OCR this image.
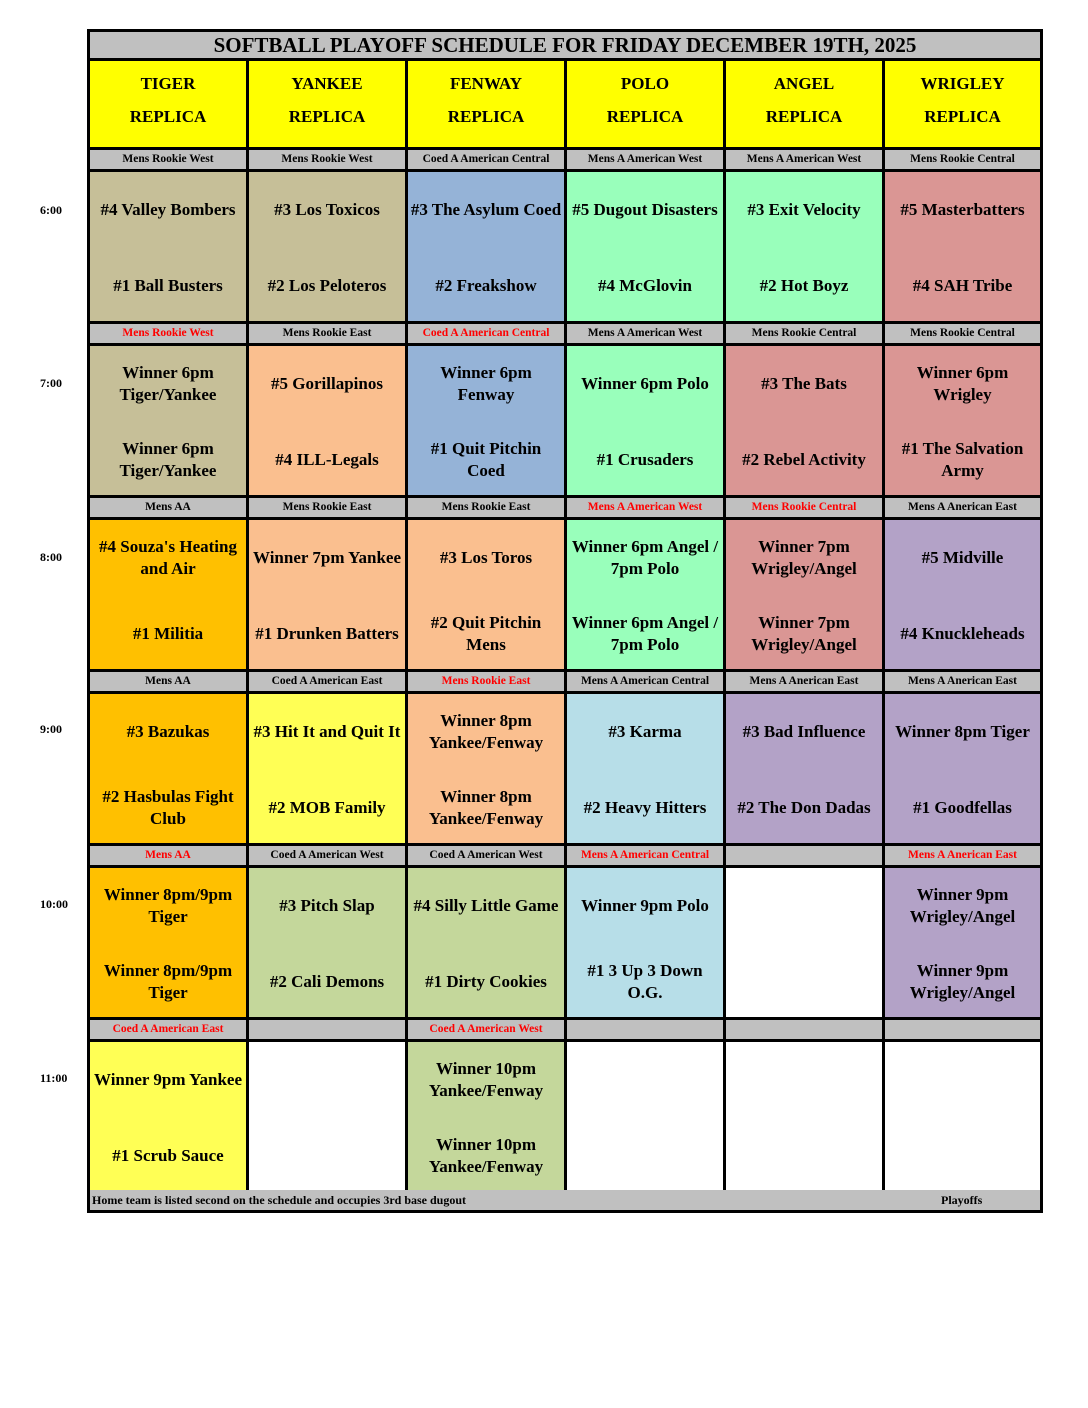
SOFTBALL PLAYOFF SCHEDULE FOR FRIDAY DECEMBER 19TH, 2025
TIGER
REPLICA
YANKEE
REPLICA
FENWAY
REPLICA
POLO
REPLICA
ANGEL
REPLICA
WRIGLEY
REPLICA
Mens Rookie West
#4 Valley Bombers
#1 Ball Busters
Mens Rookie West
#3 Los Toxicos
#2 Los Peloteros
Coed A American Central
#3 The Asylum Coed
#2 Freakshow
Mens A American West
#5 Dugout Disasters
#4 McGlovin
Mens A American West
#3 Exit Velocity
#2 Hot Boyz
Mens Rookie Central
#5 Masterbatters
#4 SAH Tribe
Mens Rookie West
Winner 6pm Tiger/Yankee
Winner 6pm Tiger/Yankee
Mens Rookie East
#5 Gorillapinos
#4 ILL-Legals
Coed A American Central
Winner 6pm Fenway
#1 Quit Pitchin Coed
Mens A American West
Winner 6pm Polo
#1 Crusaders
Mens Rookie Central
#3 The Bats
#2 Rebel Activity
Mens Rookie Central
Winner 6pm Wrigley
#1 The Salvation Army
Mens AA
#4 Souza's Heating and Air
#1 Militia
Mens Rookie East
Winner 7pm Yankee
#1 Drunken Batters
Mens Rookie East
#3 Los Toros
#2 Quit Pitchin Mens
Mens A American West
Winner 6pm Angel / 7pm Polo
Winner 6pm Angel / 7pm Polo
Mens Rookie Central
Winner 7pm Wrigley/Angel
Winner 7pm Wrigley/Angel
Mens A Anerican East
#5 Midville
#4 Knuckleheads
Mens AA
#3 Bazukas
#2 Hasbulas Fight Club
Coed A American East
#3 Hit It and Quit It
#2 MOB Family
Mens Rookie East
Winner 8pm Yankee/Fenway
Winner 8pm Yankee/Fenway
Mens A American Central
#3 Karma
#2 Heavy Hitters
Mens A Anerican East
#3 Bad Influence
#2 The Don Dadas
Mens A Anerican East
Winner 8pm Tiger
#1 Goodfellas
Mens AA
Winner 8pm/9pm Tiger
Winner 8pm/9pm Tiger
Coed A American West
#3 Pitch Slap
#2 Cali Demons
Coed A American West
#4 Silly Little Game
#1 Dirty Cookies
Mens A American Central
Winner 9pm Polo
#1 3 Up 3 Down O.G.
Mens A Anerican East
Winner 9pm Wrigley/Angel
Winner 9pm Wrigley/Angel
Coed A American East
Winner 9pm Yankee
#1 Scrub Sauce
Coed A American West
Winner 10pm Yankee/Fenway
Winner 10pm Yankee/Fenway
Home team is listed second on the schedule and occupies 3rd base dugout	Playoffs
6:00
7:00
8:00
9:00
10:00
11:00
